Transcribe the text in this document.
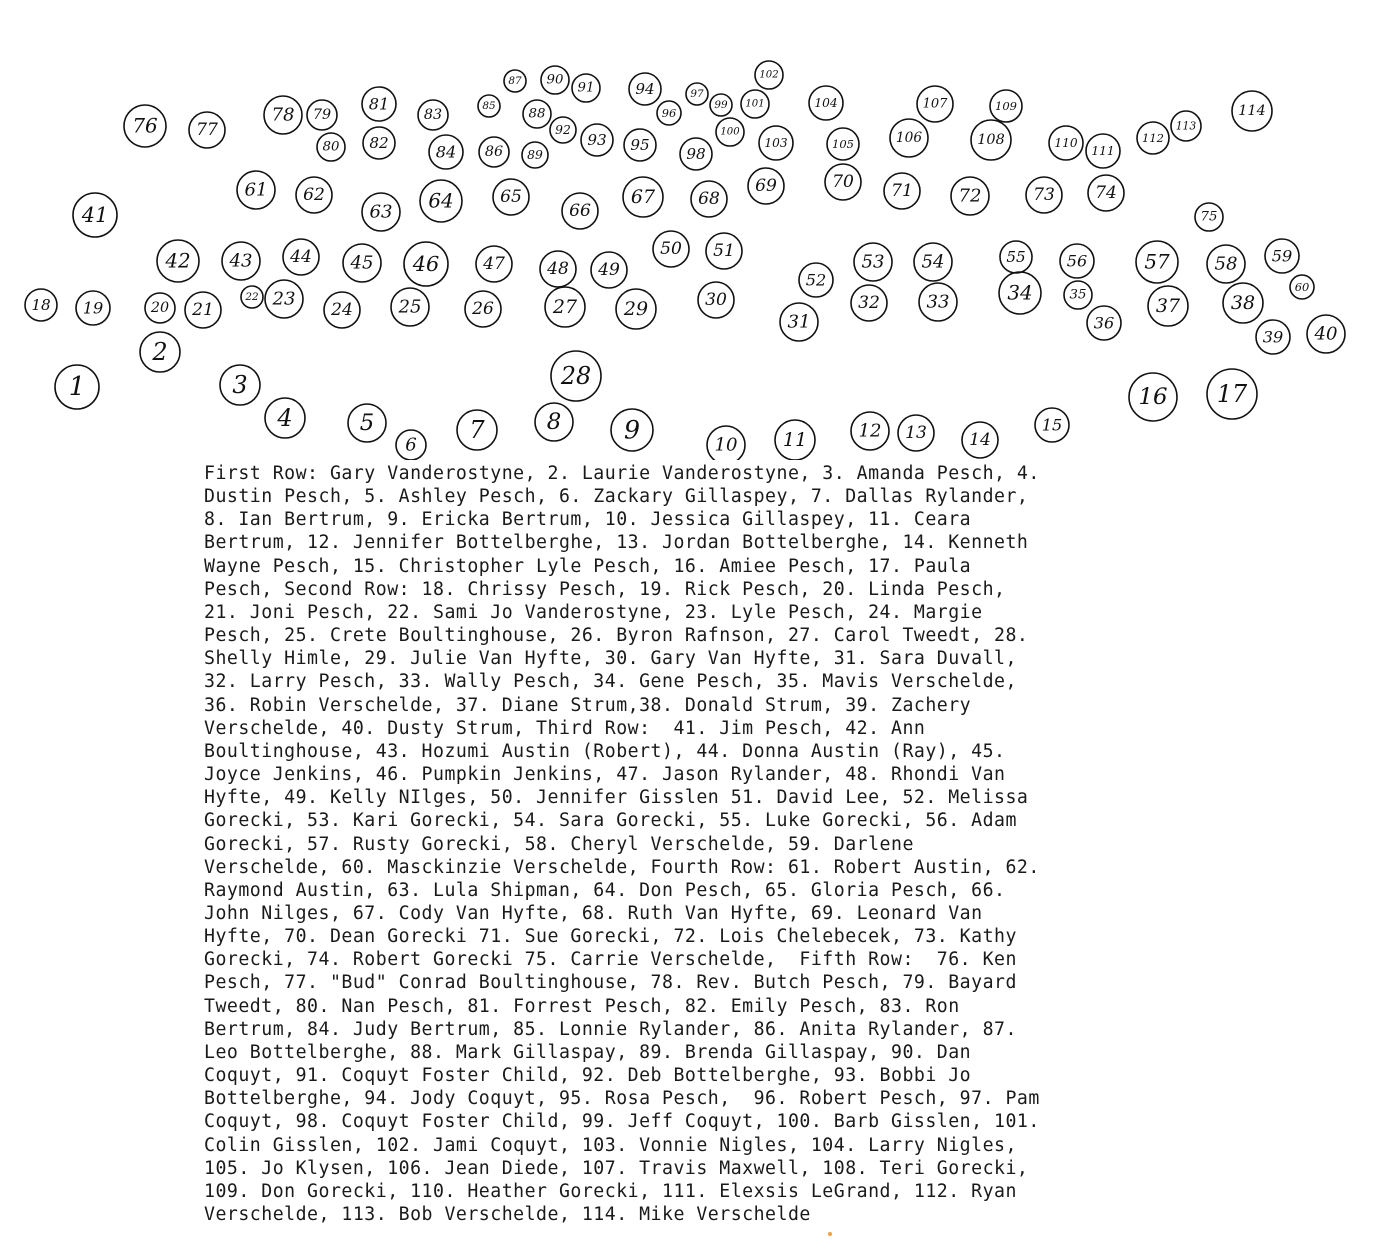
1
2
3
4	5
6
7	8 9
10 11	12 13 14
15
16 17
18 19	20 21
22 23
24	25	26	27
28
29	30
31
32	33	34	35
36
37	38
39 40
41
42 43 44 45 46	47 48 49
50 51
52
53 54	55	56	57 58 59
60
61 62
63 64	65
66
67	68
69	70 71	72	73 74
75
76 77
78 79
80
81
82
83
84
85
86
87
88
89
90
91
92
93
94
95
96
97
98
99
100
101
102
103
104
105	106
107
108
109
110
111
112
113
114
First Row: Gary Vanderostyne, 2. Laurie Vanderostyne, 3. Amanda Pesch, 4.
Dustin Pesch, 5. Ashley Pesch, 6. Zackary Gillaspey, 7. Dallas Rylander,
8. Ian Bertrum, 9. Ericka Bertrum, 10. Jessica Gillaspey, 11. Ceara
Bertrum, 12. Jennifer Bottelberghe, 13. Jordan Bottelberghe, 14. Kenneth
Wayne Pesch, 15. Christopher Lyle Pesch, 16. Amiee Pesch, 17. Paula
Pesch, Second Row: 18. Chrissy Pesch, 19. Rick Pesch, 20. Linda Pesch,
21. Joni Pesch, 22. Sami Jo Vanderostyne, 23. Lyle Pesch, 24. Margie
Pesch, 25. Crete Boultinghouse, 26. Byron Rafnson, 27. Carol Tweedt, 28.
Shelly Himle, 29. Julie Van Hyfte, 30. Gary Van Hyfte, 31. Sara Duvall,
32. Larry Pesch, 33. Wally Pesch, 34. Gene Pesch, 35. Mavis Verschelde,
36. Robin Verschelde, 37. Diane Strum,38. Donald Strum, 39. Zachery
Verschelde, 40. Dusty Strum, Third Row:  41. Jim Pesch, 42. Ann
Boultinghouse, 43. Hozumi Austin (Robert), 44. Donna Austin (Ray), 45.
Joyce Jenkins, 46. Pumpkin Jenkins, 47. Jason Rylander, 48. Rhondi Van
Hyfte, 49. Kelly NIlges, 50. Jennifer Gisslen 51. David Lee, 52. Melissa
Gorecki, 53. Kari Gorecki, 54. Sara Gorecki, 55. Luke Gorecki, 56. Adam
Gorecki, 57. Rusty Gorecki, 58. Cheryl Verschelde, 59. Darlene
Verschelde, 60. Masckinzie Verschelde, Fourth Row: 61. Robert Austin, 62.
Raymond Austin, 63. Lula Shipman, 64. Don Pesch, 65. Gloria Pesch, 66.
John Nilges, 67. Cody Van Hyfte, 68. Ruth Van Hyfte, 69. Leonard Van
Hyfte, 70. Dean Gorecki 71. Sue Gorecki, 72. Lois Chelebecek, 73. Kathy
Gorecki, 74. Robert Gorecki 75. Carrie Verschelde,  Fifth Row:  76. Ken
Pesch, 77. "Bud" Conrad Boultinghouse, 78. Rev. Butch Pesch, 79. Bayard
Tweedt, 80. Nan Pesch, 81. Forrest Pesch, 82. Emily Pesch, 83. Ron
Bertrum, 84. Judy Bertrum, 85. Lonnie Rylander, 86. Anita Rylander, 87.
Leo Bottelberghe, 88. Mark Gillaspay, 89. Brenda Gillaspay, 90. Dan
Coquyt, 91. Coquyt Foster Child, 92. Deb Bottelberghe, 93. Bobbi Jo
Bottelberghe, 94. Jody Coquyt, 95. Rosa Pesch,  96. Robert Pesch, 97. Pam
Coquyt, 98. Coquyt Foster Child, 99. Jeff Coquyt, 100. Barb Gisslen, 101.
Colin Gisslen, 102. Jami Coquyt, 103. Vonnie Nigles, 104. Larry Nigles,
105. Jo Klysen, 106. Jean Diede, 107. Travis Maxwell, 108. Teri Gorecki,
109. Don Gorecki, 110. Heather Gorecki, 111. Elexsis LeGrand, 112. Ryan
Verschelde, 113. Bob Verschelde, 114. Mike Verschelde
